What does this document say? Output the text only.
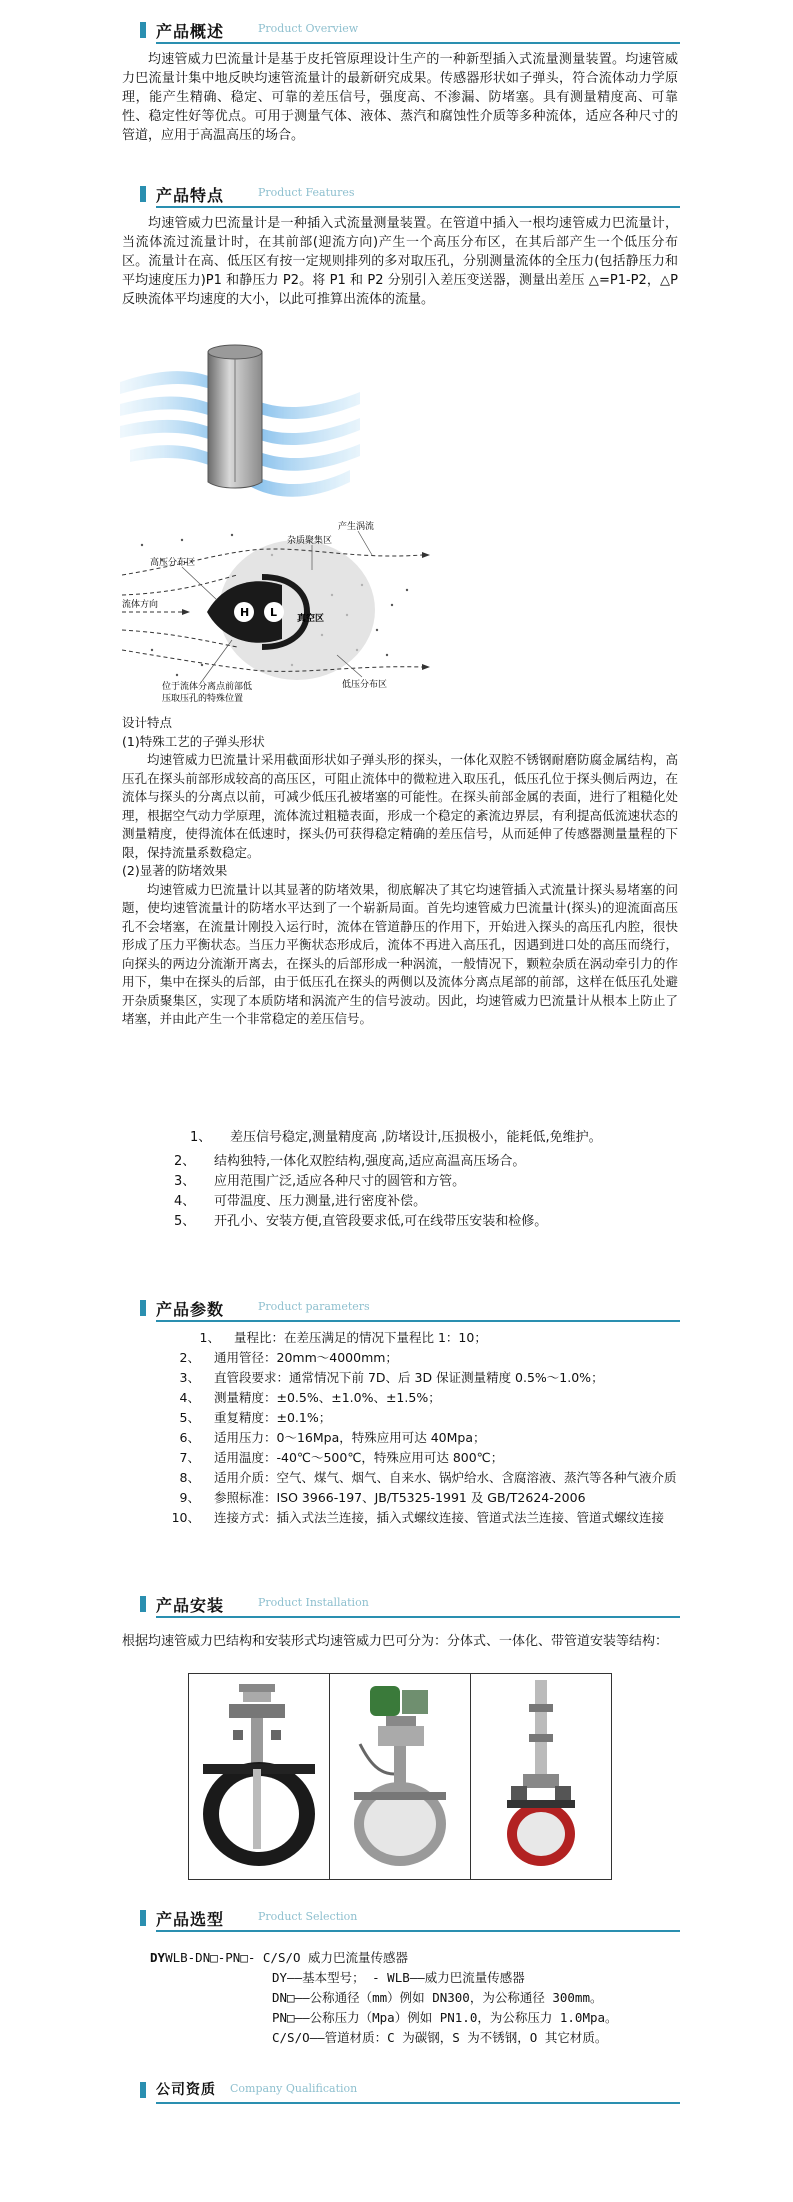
产品概述	Product Overview

均速管威力巴流量计是基于皮托管原理设计生产的一种新型插入式流量测量装置。均速管威力巴流量计集中地反映均速管流量计的最新研究成果。传感器形状如子弹头，符合流体动力学原理，能产生精确、稳定、可靠的差压信号，强度高、不渗漏、防堵塞。具有测量精度高、可靠性、稳定性好等优点。可用于测量气体、液体、蒸汽和腐蚀性介质等多种流体，适应各种尺寸的管道，应用于高温高压的场合。

产品特点	Product Features

均速管威力巴流量计是一种插入式流量测量装置。在管道中插入一根均速管威力巴流量计，当流体流过流量计时，在其前部(迎流方向)产生一个高压分布区，在其后部产生一个低压分布区。流量计在高、低压区有按一定规则排列的多对取压孔，分别测量流体的全压力(包括静压力和平均速度压力)P1 和静压力 P2。将 P1 和 P2 分别引入差压变送器，测量出差压 △=P1-P2，△P 反映流体平均速度的大小，以此可推算出流体的流量。

H L 真空区
产生涡流
杂质聚集区
高压分布区
流体方向
低压分布区
位于流体分离点前部低
压取压孔的特殊位置

设计特点

(1)特殊工艺的子弹头形状

均速管威力巴流量计采用截面形状如子弹头形的探头，一体化双腔不锈钢耐磨防腐金属结构，高压孔在探头前部形成较高的高压区，可阻止流体中的微粒进入取压孔，低压孔位于探头侧后两边，在流体与探头的分离点以前，可减少低压孔被堵塞的可能性。在探头前部金属的表面，进行了粗糙化处理，根据空气动力学原理，流体流过粗糙表面，形成一个稳定的紊流边界层，有利提高低流速状态的测量精度，使得流体在低速时，探头仍可获得稳定精确的差压信号，从而延伸了传感器测量量程的下限，保持流量系数稳定。

(2)显著的防堵效果

均速管威力巴流量计以其显著的防堵效果，彻底解决了其它均速管插入式流量计探头易堵塞的问题，使均速管流量计的防堵水平达到了一个崭新局面。首先均速管威力巴流量计(探头)的迎流面高压孔不会堵塞，在流量计刚投入运行时，流体在管道静压的作用下，开始进入探头的高压孔内腔，很快形成了压力平衡状态。当压力平衡状态形成后，流体不再进入高压孔，因遇到进口处的高压而绕行，向探头的两边分流渐开离去，在探头的后部形成一种涡流，一般情况下，颗粒杂质在涡动牵引力的作用下，集中在探头的后部，由于低压孔在探头的两侧以及流体分离点尾部的前部，这样在低压孔处避开杂质聚集区，实现了本质防堵和涡流产生的信号波动。因此，均速管威力巴流量计从根本上防止了堵塞，并由此产生一个非常稳定的差压信号。

1、	差压信号稳定,测量精度高 ,防堵设计,压损极小，能耗低,免维护。
2、	结构独特,一体化双腔结构,强度高,适应高温高压场合。
3、	应用范围广泛,适应各种尺寸的圆管和方管。
4、	可带温度、压力测量,进行密度补偿。
5、	开孔小、安装方便,直管段要求低,可在线带压安装和检修。
产品参数	Product parameters
1、	量程比：在差压满足的情况下量程比 1：10；
2、	通用管径：20mm～4000mm；
3、	直管段要求：通常情况下前 7D、后 3D 保证测量精度 0.5%～1.0%；
4、	测量精度：±0.5%、±1.0%、±1.5%；
5、	重复精度：±0.1%；
6、	适用压力：0～16Mpa，特殊应用可达 40Mpa；
7、	适用温度：-40℃～500℃，特殊应用可达 800℃；
8、	适用介质：空气、煤气、烟气、自来水、锅炉给水、含腐溶液、蒸汽等各种气液介质
9、	参照标准：ISO 3966-197、JB/T5325-1991 及 GB/T2624-2006
10、	连接方式：插入式法兰连接，插入式螺纹连接、管道式法兰连接、管道式螺纹连接
产品安装	Product Installation

根据均速管威力巴结构和安装形式均速管威力巴可分为：分体式、一体化、带管道安装等结构：

产品选型	Product Selection
DYWLB-DN□-PN□- C/S/O 威力巴流量传感器
DY——基本型号； - WLB——威力巴流量传感器
DN□——公称通径（mm）例如 DN300，为公称通径 300mm。
PN□——公称压力（Mpa）例如 PN1.0，为公称压力 1.0Mpa。
C/S/O——管道材质：C 为碳钢，S 为不锈钢，O 其它材质。
公司资质 Company Qualification
